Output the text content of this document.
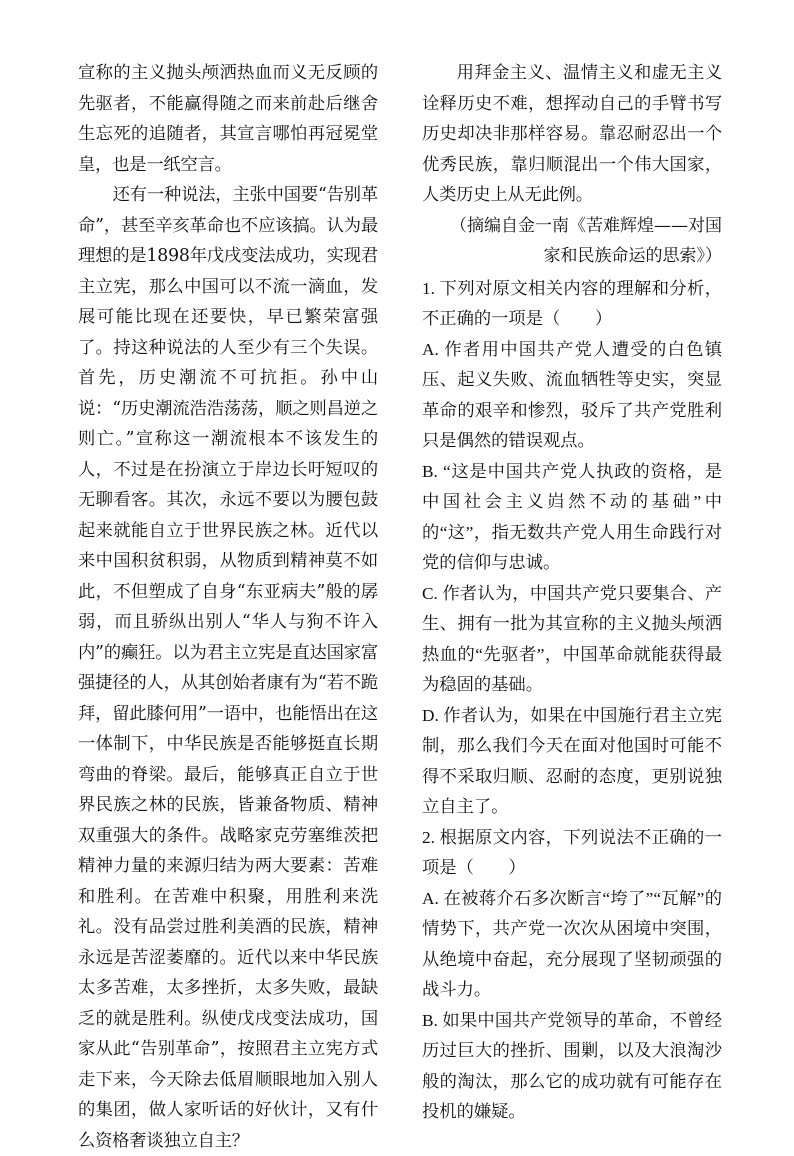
宣称的主义抛头颅洒热血而义无反顾的先驱者，不能赢得随之而来前赴后继舍生忘死的追随者，其宣言哪怕再冠冕堂皇，也是一纸空言。

还有一种说法，主张中国要“告别革命”，甚至辛亥革命也不应该搞。认为最理想的是1898年戊戌变法成功，实现君主立宪，那么中国可以不流一滴血，发展可能比现在还要快，早已繁荣富强了。持这种说法的人至少有三个失误。首先，历史潮流不可抗拒。孙中山说：“历史潮流浩浩荡荡，顺之则昌逆之则亡。”宣称这一潮流根本不该发生的人，不过是在扮演立于岸边长吁短叹的无聊看客。其次，永远不要以为腰包鼓起来就能自立于世界民族之林。近代以来中国积贫积弱，从物质到精神莫不如此，不但塑成了自身“东亚病夫”般的孱弱，而且骄纵出别人“华人与狗不许入内”的癫狂。以为君主立宪是直达国家富强捷径的人，从其创始者康有为“若不跪拜，留此膝何用”一语中，也能悟出在这一体制下，中华民族是否能够挺直长期弯曲的脊梁。最后，能够真正自立于世界民族之林的民族，皆兼备物质、精神双重强大的条件。战略家克劳塞维茨把精神力量的来源归结为两大要素：苦难和胜利。在苦难中积聚，用胜利来洗礼。没有品尝过胜利美酒的民族，精神永远是苦涩萎靡的。近代以来中华民族太多苦难，太多挫折，太多失败，最缺乏的就是胜利。纵使戊戌变法成功，国家从此“告别革命”，按照君主立宪方式走下来，今天除去低眉顺眼地加入别人的集团，做人家听话的好伙计，又有什么资格奢谈独立自主？

用拜金主义、温情主义和虚无主义诠释历史不难，想挥动自己的手臂书写历史却决非那样容易。靠忍耐忍出一个优秀民族，靠归顺混出一个伟大国家，人类历史上从无此例。

（摘编自金一南《苦难辉煌——对国
家和民族命运的思索》）

1. 下列对原文相关内容的理解和分析，不正确的一项是（　　）

A. 作者用中国共产党人遭受的白色镇压、起义失败、流血牺牲等史实，突显革命的艰辛和惨烈，驳斥了共产党胜利只是偶然的错误观点。

B. “这是中国共产党人执政的资格，是中国社会主义岿然不动的基础”中的“这”，指无数共产党人用生命践行对党的信仰与忠诚。

C. 作者认为，中国共产党只要集合、产生、拥有一批为其宣称的主义抛头颅洒热血的“先驱者”，中国革命就能获得最为稳固的基础。

D. 作者认为，如果在中国施行君主立宪制，那么我们今天在面对他国时可能不得不采取归顺、忍耐的态度，更别说独立自主了。

2. 根据原文内容，下列说法不正确的一项是（　　）

A. 在被蒋介石多次断言“垮了”“瓦解”的情势下，共产党一次次从困境中突围，从绝境中奋起，充分展现了坚韧顽强的战斗力。

B. 如果中国共产党领导的革命，不曾经历过巨大的挫折、围剿，以及大浪淘沙般的淘汰，那么它的成功就有可能存在投机的嫌疑。
